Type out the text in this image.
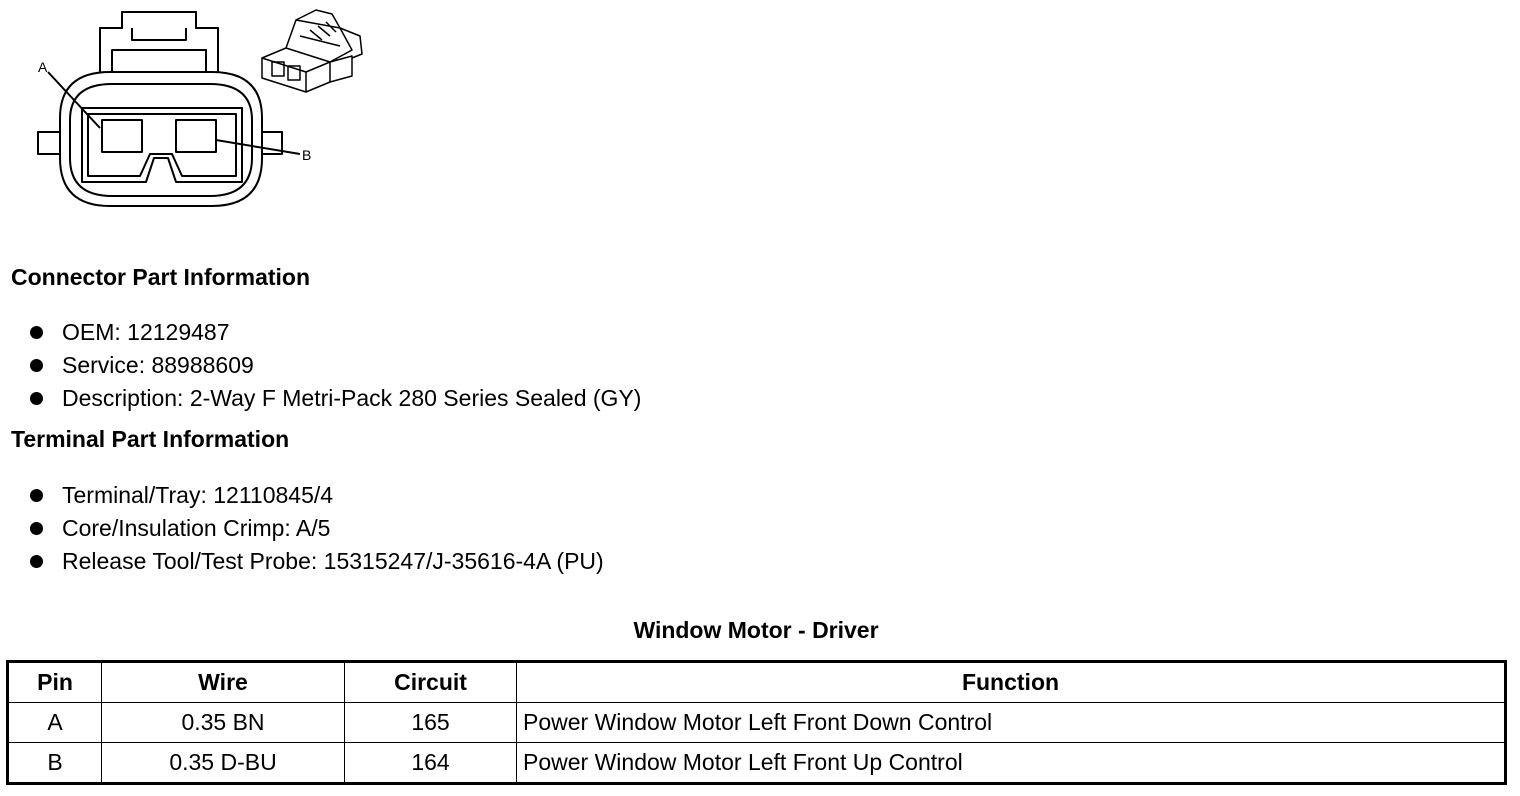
A
B
Connector Part Information
OEM: 12129487
Service: 88988609
Description: 2-Way F Metri-Pack 280 Series Sealed (GY)
Terminal Part Information
Terminal/Tray: 12110845/4
Core/Insulation Crimp: A/5
Release Tool/Test Probe: 15315247/J-35616-4A (PU)
Window Motor - Driver
Pin	Wire	Circuit	Function
A	0.35 BN	165	Power Window Motor Left Front Down Control
B	0.35 D-BU	164	Power Window Motor Left Front Up Control
